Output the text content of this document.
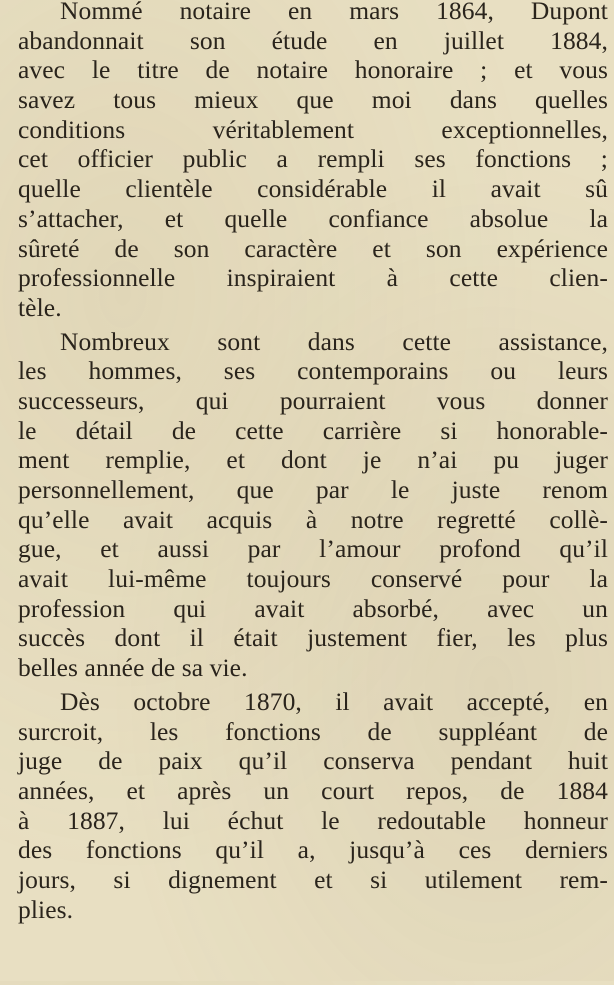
Nommé notaire en mars 1864, Dupont
abandonnait son étude en juillet 1884,
avec le titre de notaire honoraire ; et vous
savez tous mieux que moi dans quelles
conditions véritablement exceptionnelles,
cet officier public a rempli ses fonctions ;
quelle clientèle considérable il avait sû
s’attacher, et quelle confiance absolue la
sûreté de son caractère et son expérience
professionnelle inspiraient à cette clien-
tèle.
Nombreux sont dans cette assistance,
les hommes, ses contemporains ou leurs
successeurs, qui pourraient vous donner
le détail de cette carrière si honorable-
ment remplie, et dont je n’ai pu juger
personnellement, que par le juste renom
qu’elle avait acquis à notre regretté collè-
gue, et aussi par l’amour profond qu’il
avait lui-même toujours conservé pour la
profession qui avait absorbé, avec un
succès dont il était justement fier, les plus
belles année de sa vie.
Dès octobre 1870, il avait accepté, en
surcroit, les fonctions de suppléant de
juge de paix qu’il conserva pendant huit
années, et après un court repos, de 1884
à 1887, lui échut le redoutable honneur
des fonctions qu’il a, jusqu’à ces derniers
jours, si dignement et si utilement rem-
plies.
